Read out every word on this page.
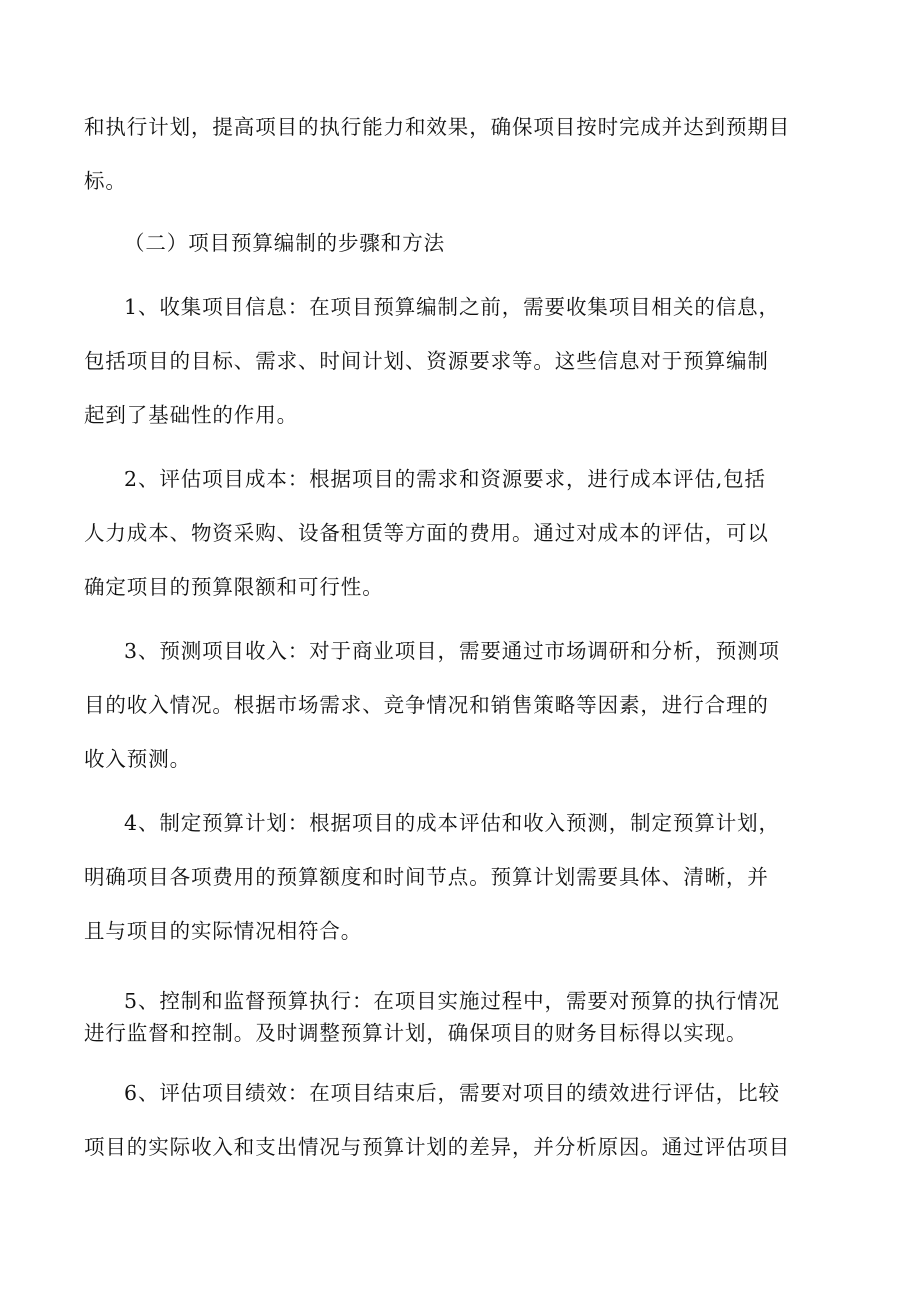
和执行计划，提高项目的执行能力和效果，确保项目按时完成并达到预期目
标。
（二）项目预算编制的步骤和方法
1、收集项目信息：在项目预算编制之前，需要收集项目相关的信息，
包括项目的目标、需求、时间计划、资源要求等。这些信息对于预算编制
起到了基础性的作用。
2、评估项目成本：根据项目的需求和资源要求，进行成本评估,包括
人力成本、物资采购、设备租赁等方面的费用。通过对成本的评估，可以
确定项目的预算限额和可行性。
3、预测项目收入：对于商业项目，需要通过市场调研和分析，预测项
目的收入情况。根据市场需求、竞争情况和销售策略等因素，进行合理的
收入预测。
4、制定预算计划：根据项目的成本评估和收入预测，制定预算计划，
明确项目各项费用的预算额度和时间节点。预算计划需要具体、清晰，并
且与项目的实际情况相符合。
5、控制和监督预算执行：在项目实施过程中，需要对预算的执行情况
进行监督和控制。及时调整预算计划，确保项目的财务目标得以实现。
6、评估项目绩效：在项目结束后，需要对项目的绩效进行评估，比较
项目的实际收入和支出情况与预算计划的差异，并分析原因。通过评估项目
